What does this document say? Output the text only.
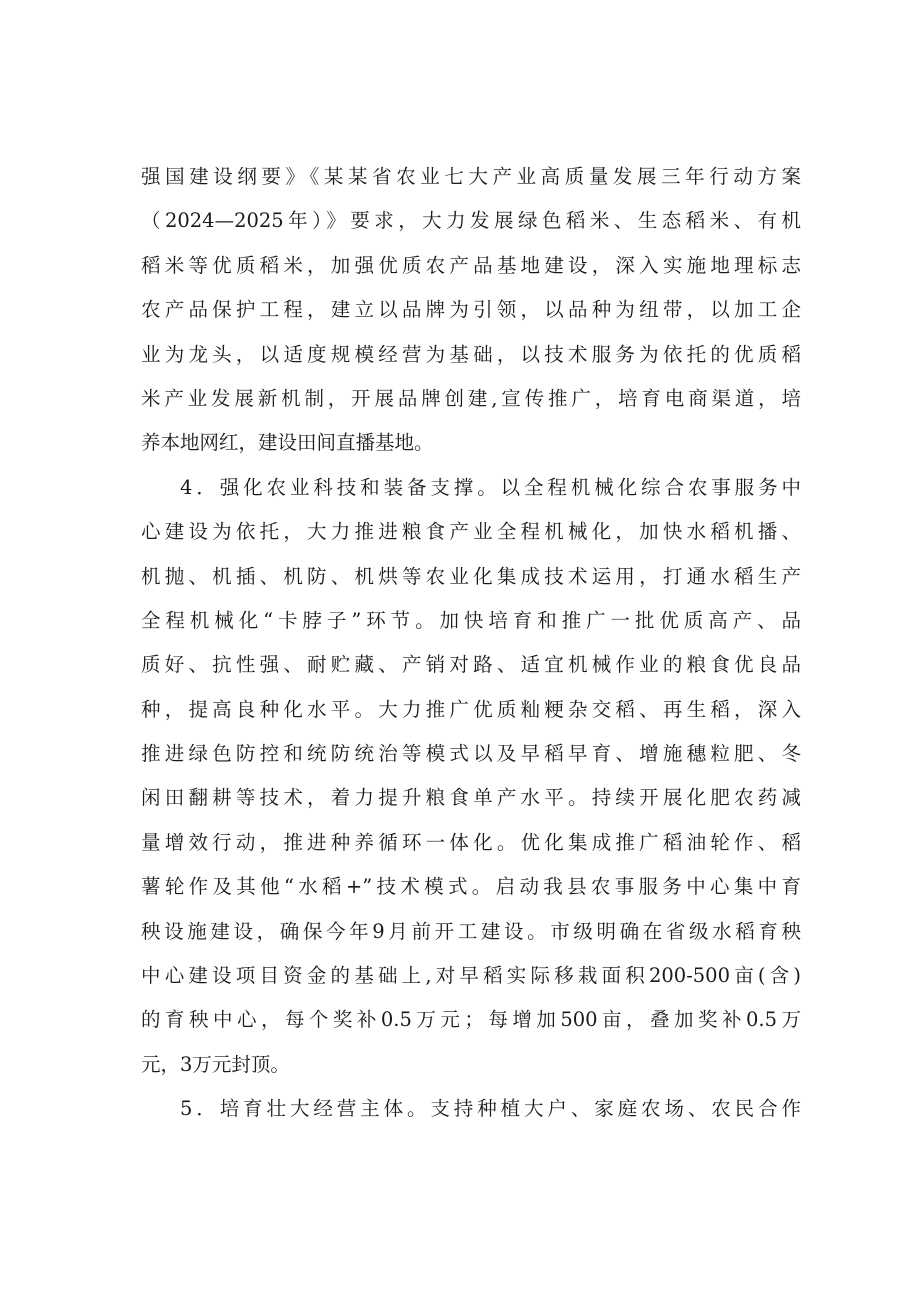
强国建设纲要》《某某省农业七大产业高质量发展三年行动方案
（2024—2025年）》要求，大力发展绿色稻米、生态稻米、有机
稻米等优质稻米，加强优质农产品基地建设，深入实施地理标志
农产品保护工程，建立以品牌为引领，以品种为纽带，以加工企
业为龙头，以适度规模经营为基础，以技术服务为依托的优质稻
米产业发展新机制，开展品牌创建,宣传推广，培育电商渠道，培
养本地网红，建设田间直播基地。
4．强化农业科技和装备支撑。以全程机械化综合农事服务中
心建设为依托，大力推进粮食产业全程机械化，加快水稻机播、
机抛、机插、机防、机烘等农业化集成技术运用，打通水稻生产
全程机械化“卡脖子”环节。加快培育和推广一批优质高产、品
质好、抗性强、耐贮藏、产销对路、适宜机械作业的粮食优良品
种，提高良种化水平。大力推广优质籼粳杂交稻、再生稻，深入
推进绿色防控和统防统治等模式以及早稻早育、增施穗粒肥、冬
闲田翻耕等技术，着力提升粮食单产水平。持续开展化肥农药减
量增效行动，推进种养循环一体化。优化集成推广稻油轮作、稻
薯轮作及其他“水稻+”技术模式。启动我县农事服务中心集中育
秧设施建设，确保今年9月前开工建设。市级明确在省级水稻育秧
中心建设项目资金的基础上,对早稻实际移栽面积200-500亩(含)
的育秧中心，每个奖补0.5万元；每增加500亩，叠加奖补0.5万
元，3万元封顶。
5．培育壮大经营主体。支持种植大户、家庭农场、农民合作
